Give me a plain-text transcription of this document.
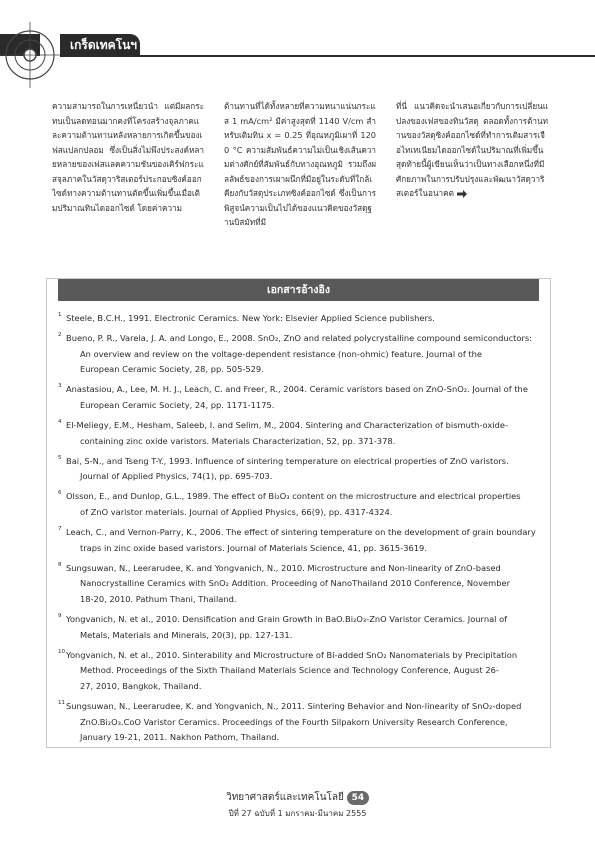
เกร็ดเทคโนฯ

ความสามารถในการเหนี่ยวนำ แต่มีผลกระทบเป็นลดทอนมากคงที่โครงสร้างจุลภาคและความต้านทานหลังหลายการเกิดขึ้นของเฟสแปลกปลอม ซึ่งเป็นสิ่งไม่พึงประสงค์หลายหลายของเฟสแลคความชันของเคิร์ฟกระแสจุลภาคในวัสดุวาริสเตอร์ประกอบซิงค์ออกไซด์ทางความต้านทานตัดขึ้นเพิ่มขึ้นเมื่อเติมปริมาณทินไดออกไซด์ โดยค่าความ

ต้านทานที่ได้ทั้งหลายที่ความหนาแน่นกระแส 1 mA/cm² มีค่าสูงสุดที่ 1140 V/cm สำหรับเติมทิน x = 0.25 ที่อุณหภูมิเผาที่ 1200 °C ความสัมพันธ์ความไม่เป็นเชิงเส้นความต่างศักย์ที่สัมพันธ์กับทางอุณหภูมิ รวมถึงผลลัพธ์ของการเผาผนึกที่มีอยู่ในระดับที่ใกล้เคียงกับวัสดุประเภทซิงค์ออกไซด์ ซึ่งเป็นการพิสูจน์ความเป็นไปได้ของแนวคิดของวัสดุฐานบิสมัทที่มี

ที่นี่ แนวคิดจะนำเสนอเกี่ยวกับการเปลี่ยนแปลงของเฟสของทินวัสดุ ตลอดทั้งการต้านทานของวัสดุซิงค์ออกไซด์ที่ทำการเติมสารเจือไทเทเนียมไดออกไซด์ในปริมาณที่เพิ่มขึ้น สุดท้ายนี้ผู้เขียนเห็นว่าเป็นทางเลือกหนึ่งที่มีศักยภาพในการปรับปรุงและพัฒนาวัสดุวาริสเตอร์ในอนาคต

เอกสารอ้างอิง
1 Steele, B.C.H., 1991. Electronic Ceramics. New York: Elsevier Applied Science publishers.
2 Bueno, P. R., Varela, J. A. and Longo, E., 2008. SnO₂, ZnO and related polycrystalline compound semiconductors:
An overview and review on the voltage-dependent resistance (non-ohmic) feature. Journal of the
European Ceramic Society, 28, pp. 505-529.
3 Anastasiou, A., Lee, M. H. J., Leach, C. and Freer, R., 2004. Ceramic varistors based on ZnO-SnO₂. Journal of the
European Ceramic Society, 24, pp. 1171-1175.
4 El-Meliegy, E.M., Hesham, Saleeb, I. and Selim, M., 2004. Sintering and Characterization of bismuth-oxide-
containing zinc oxide varistors. Materials Characterization, 52, pp. 371-378.
5 Bai, S-N., and Tseng T-Y., 1993. Influence of sintering temperature on electrical properties of ZnO varistors.
Journal of Applied Physics, 74(1), pp. 695-703.
6 Olsson, E., and Dunlop, G.L., 1989. The effect of Bi₂O₃ content on the microstructure and electrical properties
of ZnO varistor materials. Journal of Applied Physics, 66(9), pp. 4317-4324.
7 Leach, C., and Vernon-Parry, K., 2006. The effect of sintering temperature on the development of grain boundary
traps in zinc oxide based varistors. Journal of Materials Science, 41, pp. 3615-3619.
8 Sungsuwan, N., Leerarudee, K. and Yongvanich, N., 2010. Microstructure and Non-linearity of ZnO-based
Nanocrystalline Ceramics with SnO₂ Addition. Proceeding of NanoThailand 2010 Conference, November
18-20, 2010. Pathum Thani, Thailand.
9 Yongvanich, N. et al., 2010. Densification and Grain Growth in BaO.Bi₂O₃-ZnO Varistor Ceramics. Journal of
Metals, Materials and Minerals, 20(3), pp. 127-131.
10 Yongvanich, N. et al., 2010. Sinterability and Microstructure of Bi-added SnO₂ Nanomaterials by Precipitation
Method. Proceedings of the Sixth Thailand Materials Science and Technology Conference, August 26-
27, 2010, Bangkok, Thailand.
11 Sungsuwan, N., Leerarudee, K. and Yongvanich, N., 2011. Sintering Behavior and Non-linearity of SnO₂-doped
ZnO.Bi₂O₃.CoO Varistor Ceramics. Proceedings of the Fourth Silpakorn University Research Conference,
January 19-21, 2011. Nakhon Pathom, Thailand.
วิทยาศาสตร์และเทคโนโลยี 54
ปีที่ 27 ฉบับที่ 1 มกราคม-มีนาคม 2555
